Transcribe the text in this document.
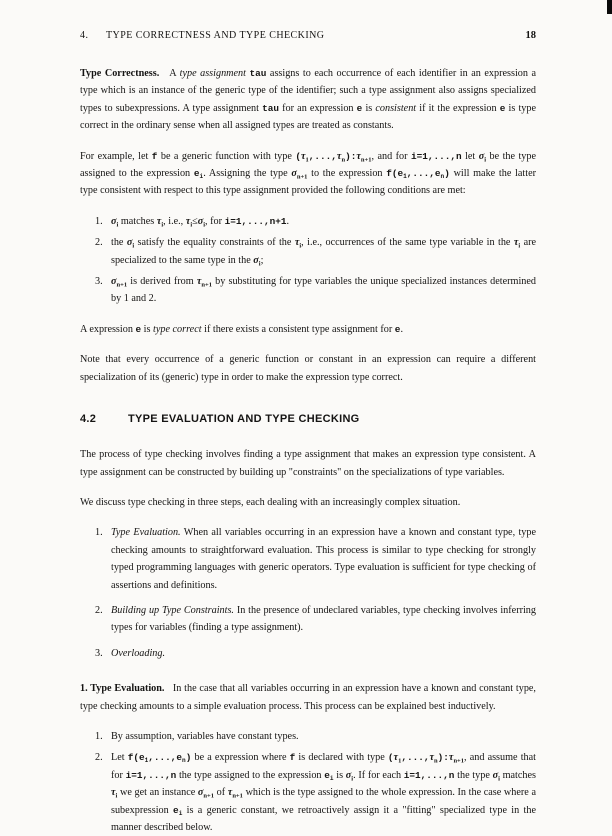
4.	TYPE CORRECTNESS AND TYPE CHECKING	18

Type Correctness.   A type assignment tau assigns to each occurrence of each identifier in an expression a type which is an instance of the generic type of the identifier; such a type assignment also assigns specialized types to subexpressions. A type assignment tau for an expression e is consistent if it the expression e is type correct in the ordinary sense when all assigned types are treated as constants.

For example, let f be a generic function with type $(\tau_1,...,\tau_n):\tau_{n+1}$, and for i=1,...,n let $\sigma_i$ be the type assigned to the expression $e_i$. Assigning the type $\sigma_{n+1}$ to the expression $f(e_1,...,e_n)$ will make the latter type consistent with respect to this type assignment provided the following conditions are met:

1. $\sigma_i$ matches $\tau_i$, i.e., $\tau_i\le\sigma_i$, for i=1,...,n+1.
2. the $\sigma_i$ satisfy the equality constraints of the $\tau_i$, i.e., occurrences of the same type variable in the $\tau_i$ are specialized to the same type in the $\sigma_i$;
3. $\sigma_{n+1}$ is derived from $\tau_{n+1}$ by substituting for type variables the unique specialized instances determined by 1 and 2.

A expression e is type correct if there exists a consistent type assignment for e.

Note that every occurrence of a generic function or constant in an expression can require a different specialization of its (generic) type in order to make the expression type correct.

4.2	TYPE EVALUATION AND TYPE CHECKING

The process of type checking involves finding a type assignment that makes an expression type consistent. A type assignment can be constructed by building up "constraints" on the specializations of type variables.

We discuss type checking in three steps, each dealing with an increasingly complex situation.

1. Type Evaluation. When all variables occurring in an expression have a known and constant type, type checking amounts to straightforward evaluation. This process is similar to type checking for strongly typed programming languages with generic operators. Type evaluation is sufficient for type checking of assertions and definitions.
2. Building up Type Constraints. In the presence of undeclared variables, type checking involves inferring types for variables (finding a type assignment).
3. Overloading.

1. Type Evaluation.   In the case that all variables occurring in an expression have a known and constant type, type checking amounts to a simple evaluation process. This process can be explained best inductively.

1. By assumption, variables have constant types.
2. Let $f(e_1,...,e_n)$ be a expression where f is declared with type $(\tau_1,...,\tau_n):\tau_{n+1}$, and assume that for i=1,...,n the type assigned to the expression $e_i$ is $\sigma_i$. If for each i=1,...,n the type $\sigma_i$ matches $\tau_i$ we get an instance $\sigma_{n+1}$ of $\tau_{n+1}$ which is the type assigned to the whole expression. In the case where a subexpression $e_i$ is a generic constant, we retroactively assign it a "fitting" specialized type in the manner described below.
